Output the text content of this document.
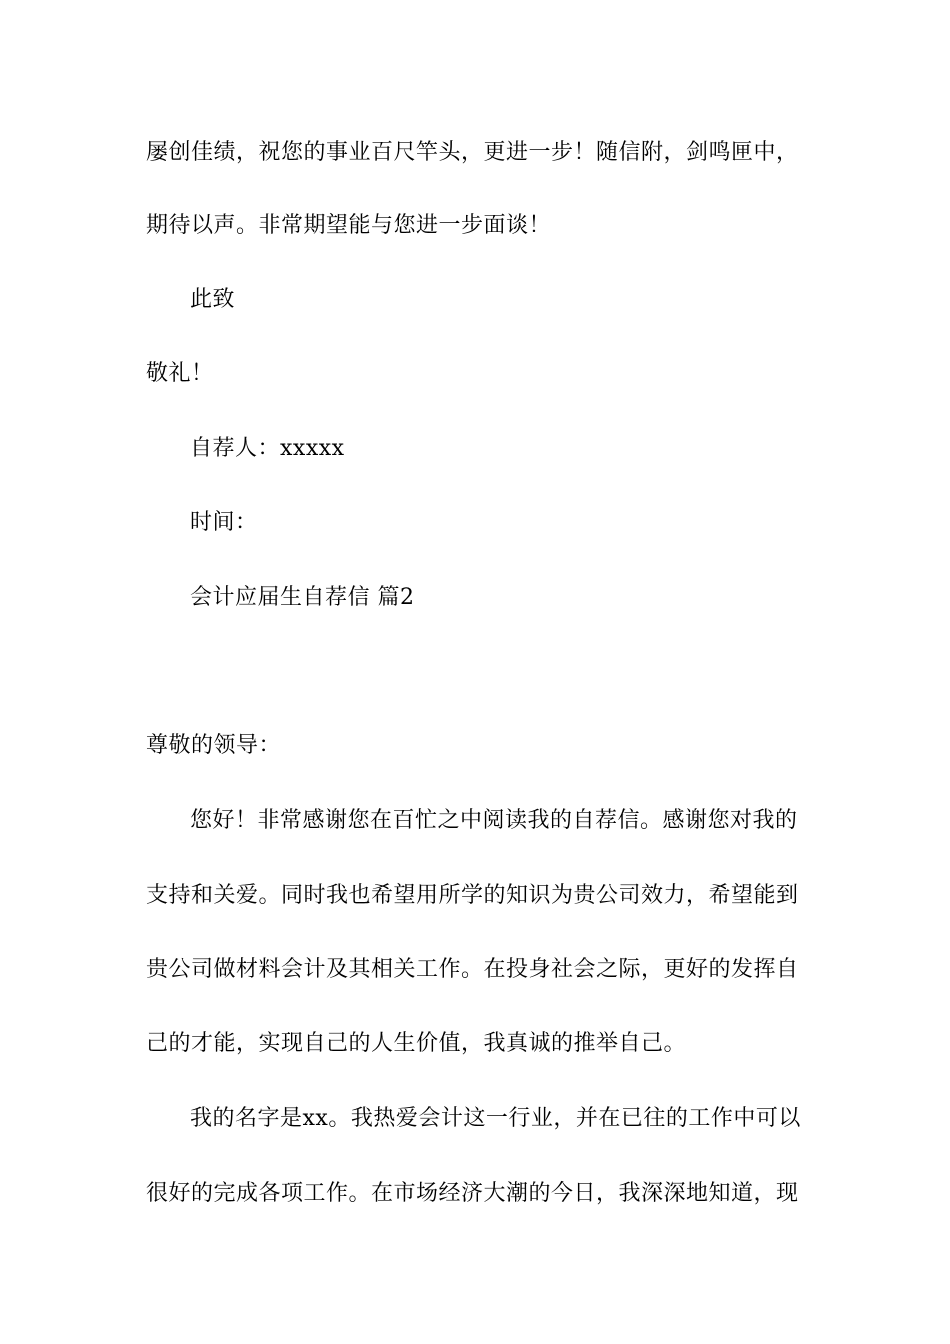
屡创佳绩，祝您的事业百尺竿头，更进一步！随信附，剑鸣匣中，
期待以声。非常期望能与您进一步面谈！
此致
敬礼！
自荐人：xxxxx
时间：
会计应届生自荐信 篇2
尊敬的领导：
您好！非常感谢您在百忙之中阅读我的自荐信。感谢您对我的
支持和关爱。同时我也希望用所学的知识为贵公司效力，希望能到
贵公司做材料会计及其相关工作。在投身社会之际，更好的发挥自
己的才能，实现自己的人生价值，我真诚的推举自己。
我的名字是xx。我热爱会计这一行业，并在已往的工作中可以
很好的完成各项工作。在市场经济大潮的今日，我深深地知道，现
